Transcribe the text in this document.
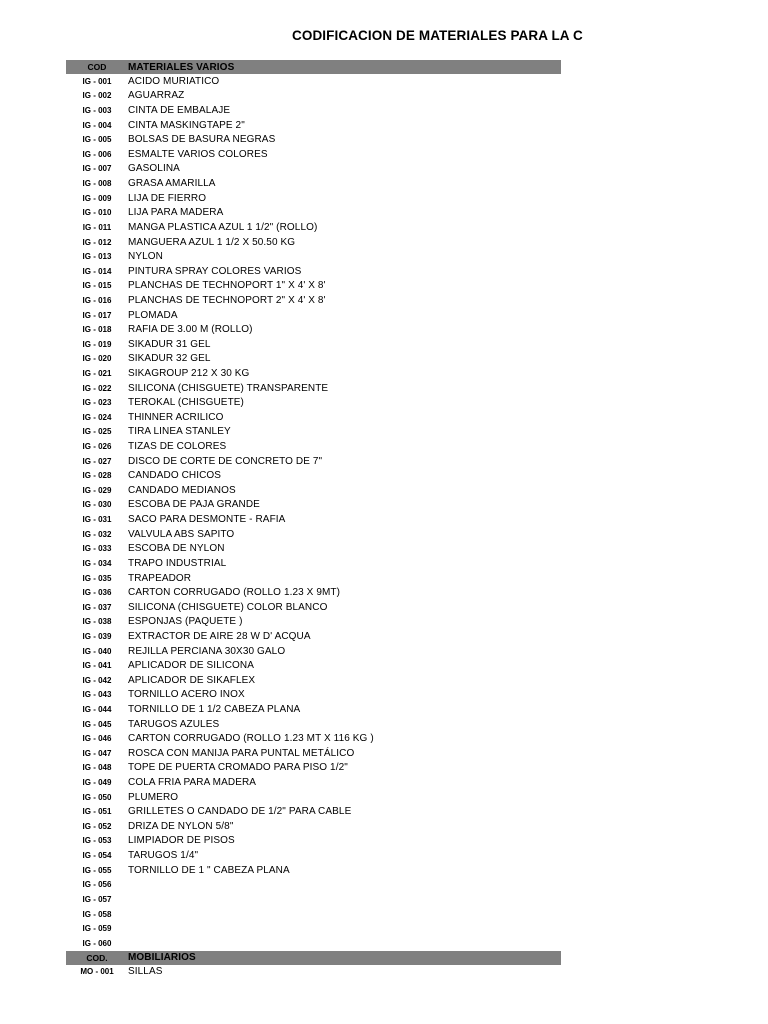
CODIFICACION DE MATERIALES PARA LA C
COD	MATERIALES VARIOS
IG - 001	ACIDO MURIATICO
IG - 002	AGUARRAZ
IG - 003	CINTA DE EMBALAJE
IG - 004	CINTA MASKINGTAPE 2"
IG - 005	BOLSAS DE BASURA NEGRAS
IG - 006	ESMALTE VARIOS COLORES
IG - 007	GASOLINA
IG - 008	GRASA AMARILLA
IG - 009	LIJA DE FIERRO
IG - 010	LIJA PARA MADERA
IG - 011	MANGA PLASTICA AZUL 1 1/2" (ROLLO)
IG - 012	MANGUERA AZUL 1 1/2 X 50.50 KG
IG - 013	NYLON
IG - 014	PINTURA SPRAY COLORES VARIOS
IG - 015	PLANCHAS DE TECHNOPORT 1" X 4' X 8'
IG - 016	PLANCHAS DE TECHNOPORT 2" X 4' X 8'
IG - 017	PLOMADA
IG - 018	RAFIA DE 3.00 M (ROLLO)
IG - 019	SIKADUR 31 GEL
IG - 020	SIKADUR 32 GEL
IG - 021	SIKAGROUP 212 X 30 KG
IG - 022	SILICONA (CHISGUETE) TRANSPARENTE
IG - 023	TEROKAL (CHISGUETE)
IG - 024	THINNER ACRILICO
IG - 025	TIRA LINEA STANLEY
IG - 026	TIZAS DE COLORES
IG - 027	DISCO DE CORTE DE CONCRETO DE 7"
IG - 028	CANDADO CHICOS
IG - 029	CANDADO MEDIANOS
IG - 030	ESCOBA DE PAJA GRANDE
IG - 031	SACO PARA DESMONTE - RAFIA
IG - 032	VALVULA ABS SAPITO
IG - 033	ESCOBA DE NYLON
IG - 034	TRAPO INDUSTRIAL
IG - 035	TRAPEADOR
IG - 036	CARTON CORRUGADO (ROLLO 1.23 X 9MT)
IG - 037	SILICONA (CHISGUETE) COLOR BLANCO
IG - 038	ESPONJAS (PAQUETE )
IG - 039	EXTRACTOR DE AIRE 28 W D' ACQUA
IG - 040	REJILLA PERCIANA 30X30 GALO
IG - 041	APLICADOR DE SILICONA
IG - 042	APLICADOR DE SIKAFLEX
IG - 043	TORNILLO ACERO INOX
IG - 044	TORNILLO DE 1 1/2 CABEZA PLANA
IG - 045	TARUGOS AZULES
IG - 046	CARTON CORRUGADO (ROLLO 1.23 MT X 116 KG )
IG - 047	ROSCA CON MANIJA PARA PUNTAL METÁLICO
IG - 048	TOPE DE PUERTA CROMADO PARA PISO 1/2"
IG - 049	COLA FRIA PARA MADERA
IG - 050	PLUMERO
IG - 051	GRILLETES O CANDADO DE 1/2" PARA CABLE
IG - 052	DRIZA DE NYLON 5/8"
IG - 053	LIMPIADOR DE PISOS
IG - 054	TARUGOS 1/4"
IG - 055	TORNILLO DE 1 " CABEZA PLANA
IG - 056
IG - 057
IG - 058
IG - 059
IG - 060
COD.	MOBILIARIOS
MO - 001	SILLAS
